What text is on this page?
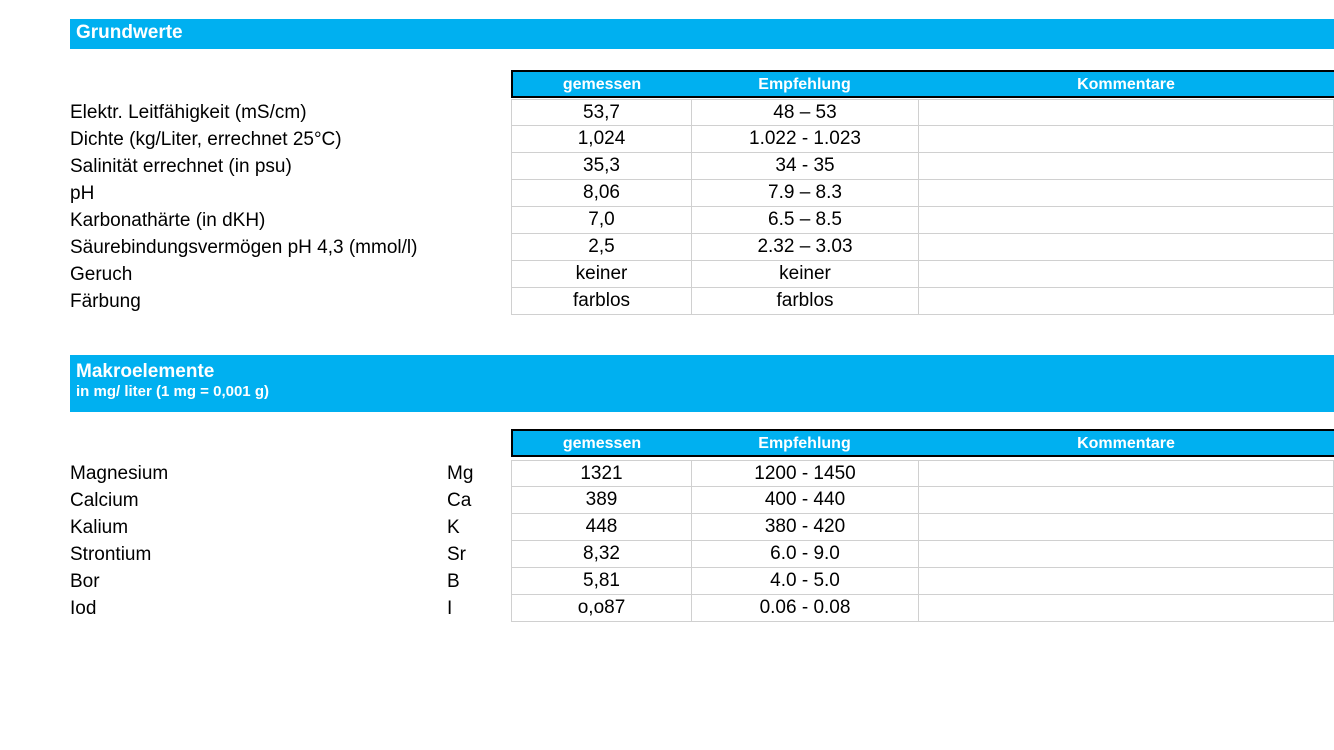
Grundwerte
gemessen	Empfehlung	Kommentare
Elektr. Leitfähigkeit (mS/cm)	53,7	48 – 53
Dichte (kg/Liter, errechnet 25°C)	1,024	1.022 - 1.023
Salinität errechnet (in psu)	35,3	34 - 35
pH	8,06	7.9 – 8.3
Karbonathärte (in dKH)	7,0	6.5 – 8.5
Säurebindungsvermögen pH 4,3 (mmol/l)	2,5	2.32 – 3.03
Geruch	keiner	keiner
Färbung	farblos	farblos
Makroelemente
in mg/ liter (1 mg = 0,001 g)
gemessen	Empfehlung	Kommentare
Magnesium	Mg	1321	1200 - 1450
Calcium	Ca	389	400 - 440
Kalium	K	448	380 - 420
Strontium	Sr	8,32	6.0 - 9.0
Bor	B	5,81	4.0 - 5.0
Iod	I	o,o87	0.06 - 0.08
